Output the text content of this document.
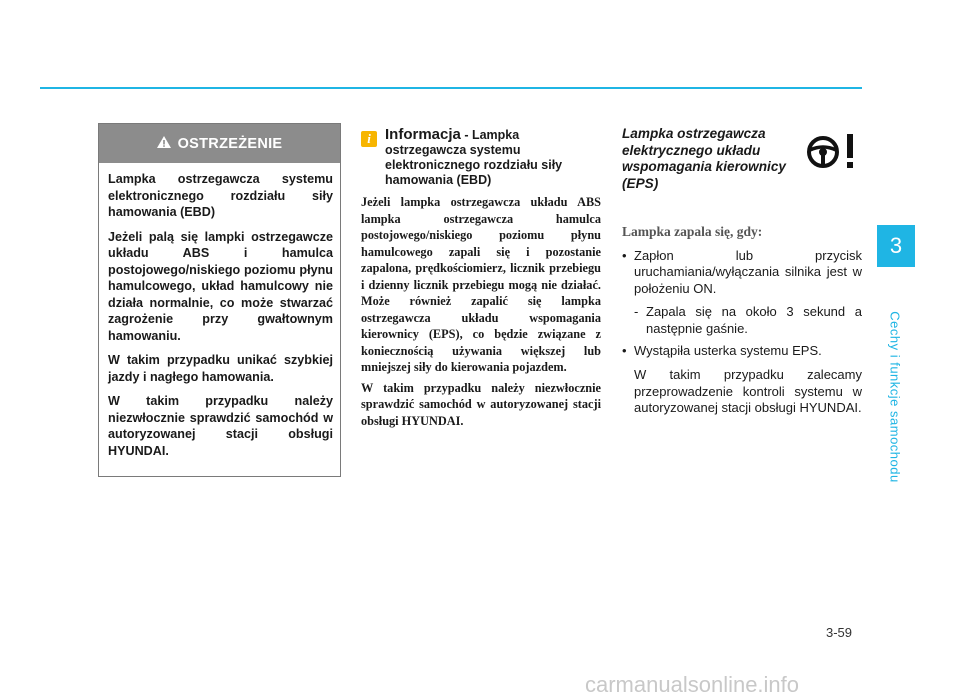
OSTRZEŻENIE

Lampka ostrzegawcza systemu elektronicznego rozdziału siły hamowania (EBD)

Jeżeli palą się lampki ostrzegawcze układu ABS i hamulca postojowego/niskiego poziomu płynu hamulcowego, układ hamulcowy nie działa normalnie, co może stwarzać zagrożenie przy gwałtownym hamowaniu.

W takim przypadku unikać szybkiej jazdy i nagłego hamowania.

W takim przypadku należy niezwłocznie sprawdzić samochód w autoryzowanej stacji obsługi HYUNDAI.

i Informacja - Lampka ostrzegawcza systemu elektronicznego rozdziału siły hamowania (EBD)

Jeżeli lampka ostrzegawcza układu ABS lampka ostrzegawcza hamulca postojowego/niskiego poziomu płynu hamulcowego zapali się i pozostanie zapalona, prędkościomierz, licznik przebiegu i dzienny licznik przebiegu mogą nie działać. Może również zapalić się lampka ostrzegawcza układu wspomagania kierownicy (EPS), co będzie związane z koniecznością używania większej lub mniejszej siły do kierowania pojazdem.

W takim przypadku należy niezwłocznie sprawdzić samochód w autoryzowanej stacji obsługi HYUNDAI.

Lampka ostrzegawcza elektrycznego układu wspomagania kierownicy (EPS)
Lampka zapala się, gdy:
• Zapłon lub przycisk uruchamiania/wyłączania silnika jest w położeniu ON.
- Zapala się na około 3 sekund a następnie gaśnie.
• Wystąpiła usterka systemu EPS.
W takim przypadku zalecamy przeprowadzenie kontroli systemu w autoryzowanej stacji obsługi HYUNDAI.
3
Cechy i funkcje samochodu
3-59
carmanualsonline.info
